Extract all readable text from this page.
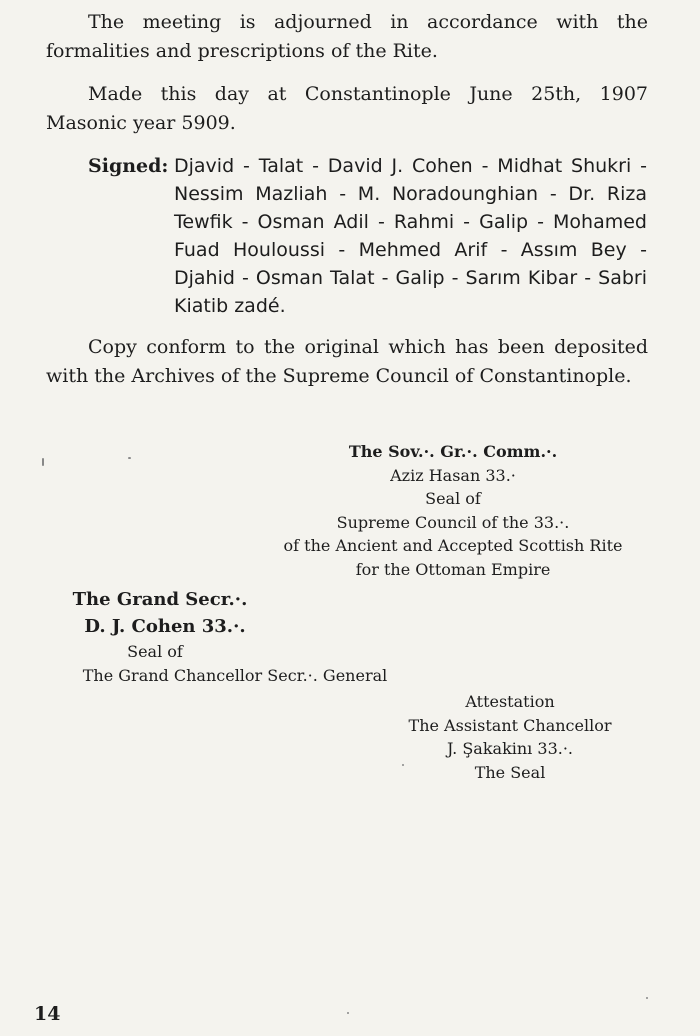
The meeting is adjourned in accordance with the formalities and prescriptions of the Rite.

Made this day at Constantinople June 25th, 1907 Masonic year 5909.

Signed: Djavid - Talat - David J. Cohen - Midhat Shukri - Nessim Mazliah - M. Noradounghian - Dr. Riza Tewfik - Osman Adil - Rahmi - Galip - Mohamed Fuad Houloussi - Mehmed Arif - Assım Bey - Djahid - Osman Talat - Galip - Sarım Kibar - Sabri Kiatib zadé.

Copy conform to the original which has been deposited with the Archives of the Supreme Council of Constantinople.

The Sov.·. Gr.·. Comm.·.
Aziz Hasan 33.·
Seal of
Supreme Council of the 33.·.
of the Ancient and Accepted Scottish Rite
for the Ottoman Empire
The Grand Secr.·.
D. J. Cohen 33.·.
Seal of
The Grand Chancellor Secr.·. General
Attestation
The Assistant Chancellor
J. Şakakinı 33.·.
The Seal
14
